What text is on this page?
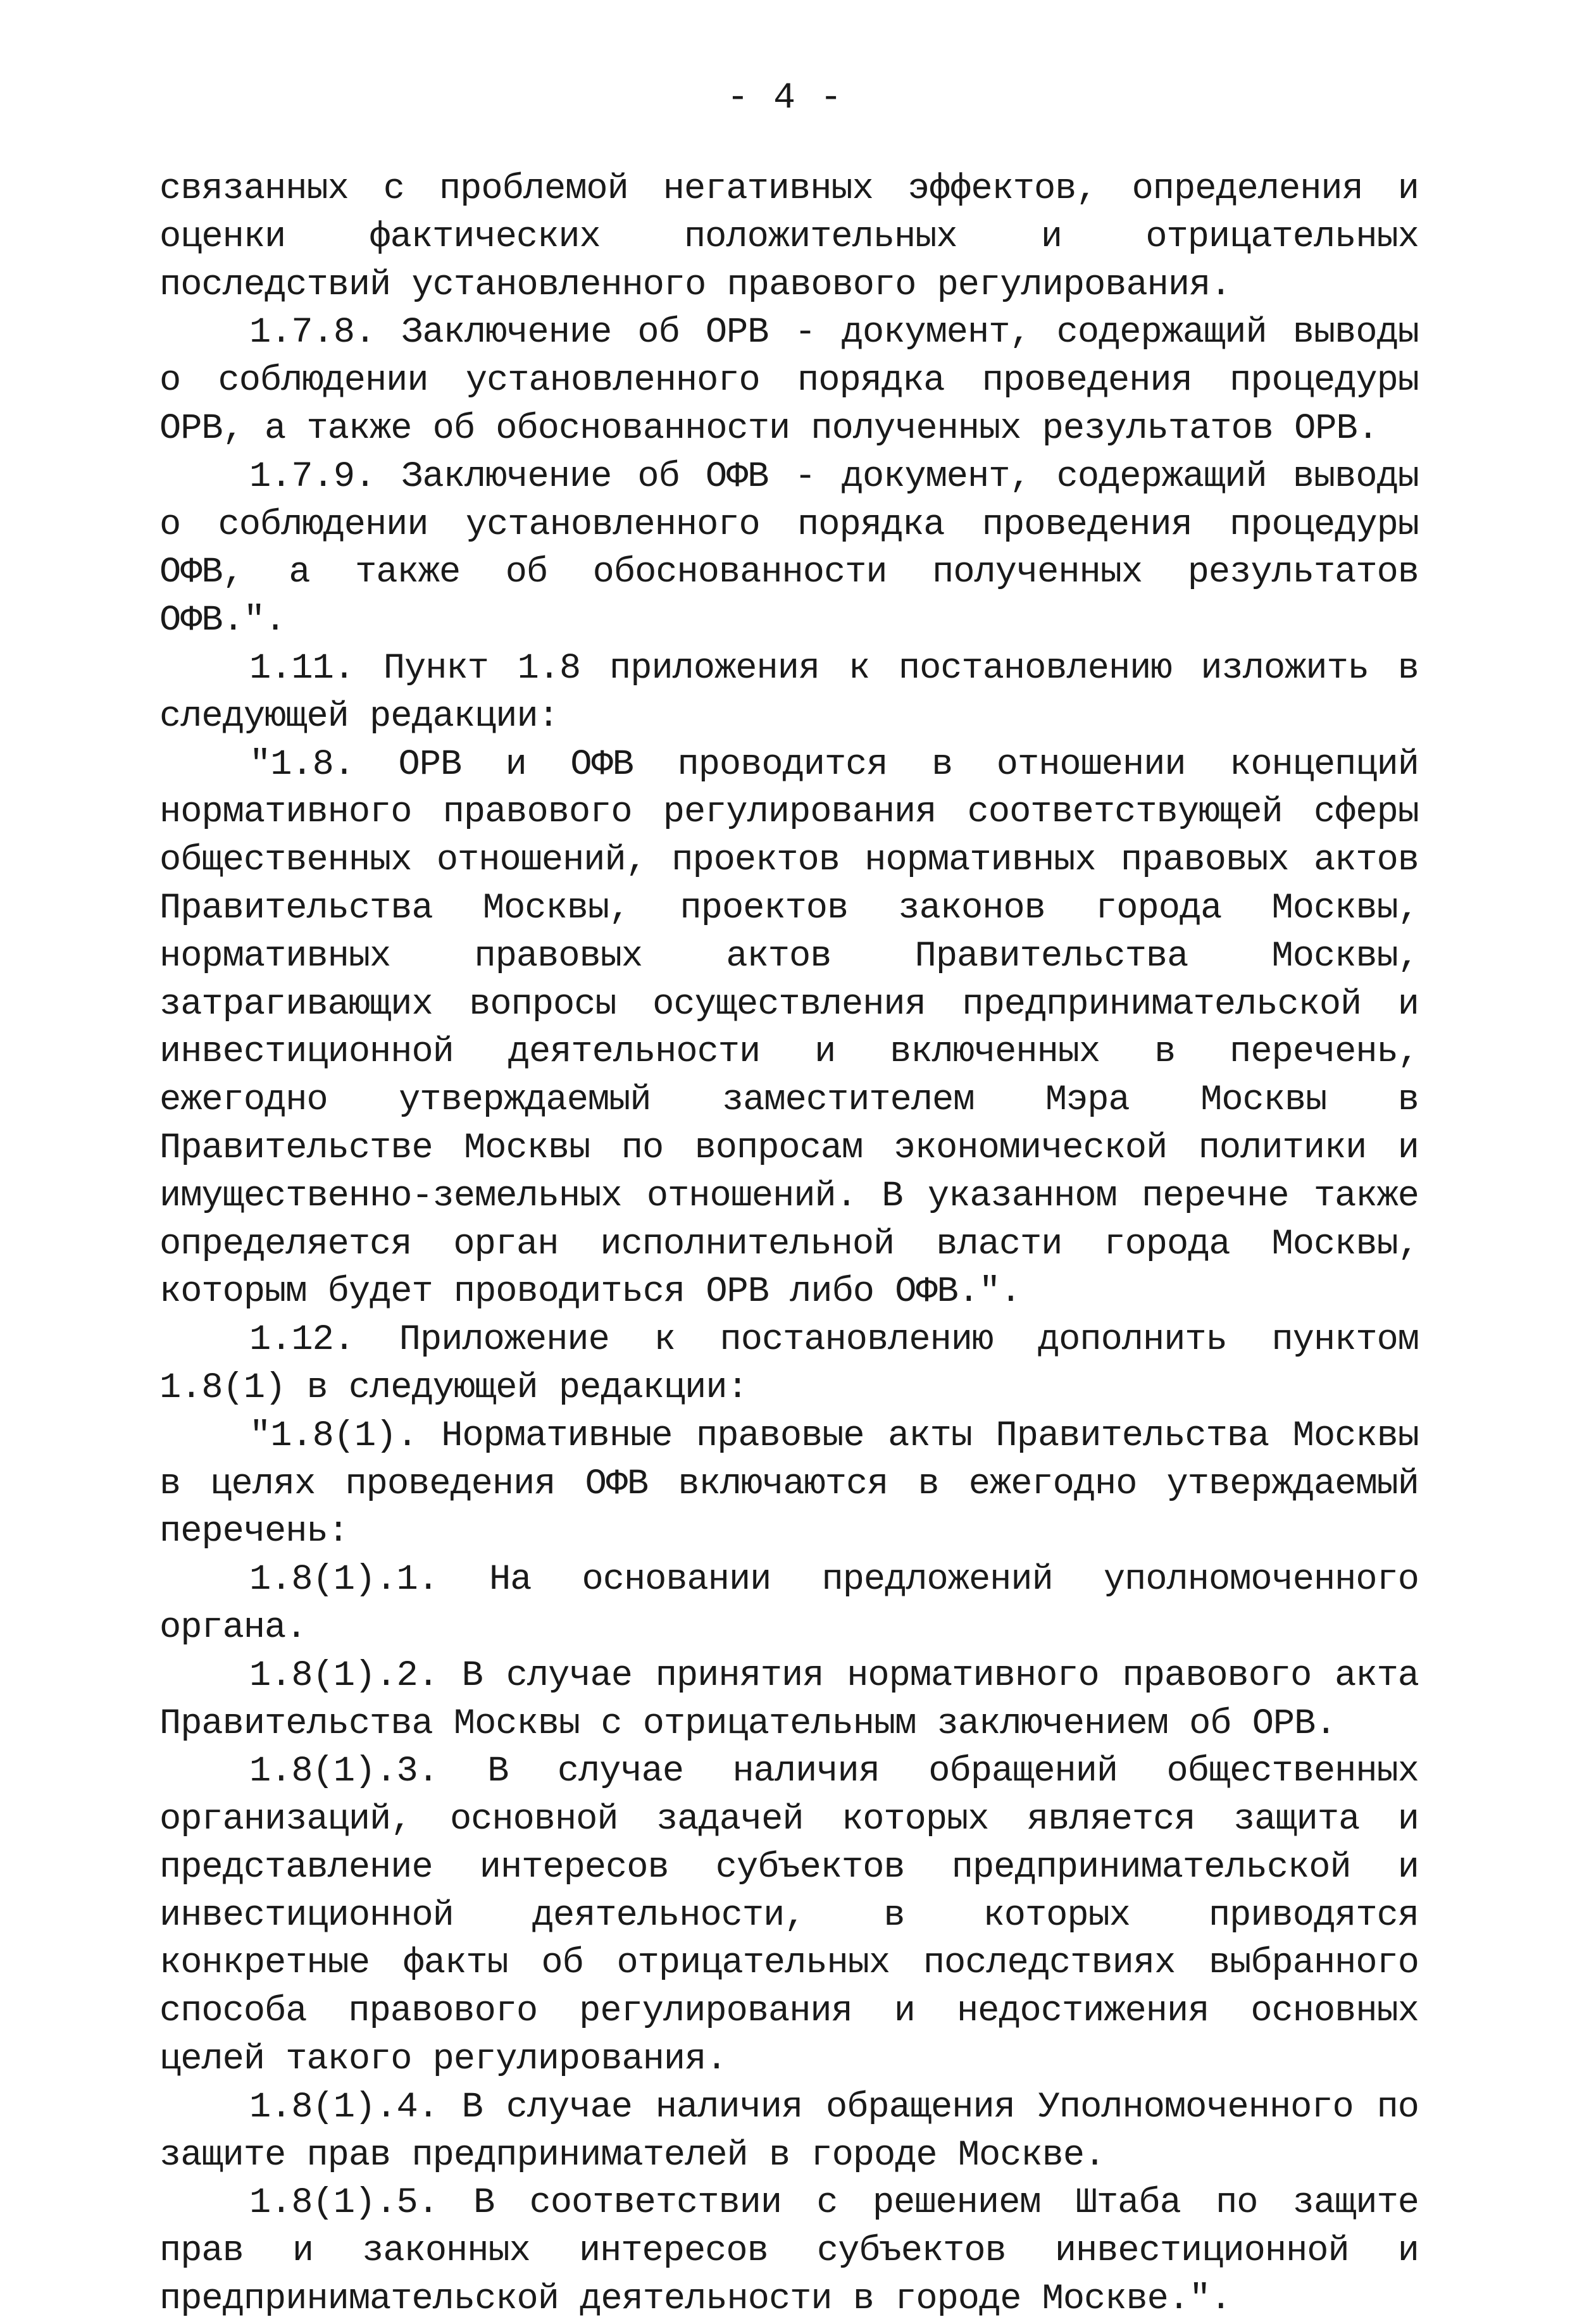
- 4 -

связанных с проблемой негативных эффектов, определения и оценки фактических положительных и отрицательных последствий установленного правового регулирования.

1.7.8. Заключение об ОРВ - документ, содержащий выводы о соблюдении установленного порядка проведения процедуры ОРВ, а также об обоснованности полученных результатов ОРВ.

1.7.9. Заключение об ОФВ - документ, содержащий выводы о соблюдении установленного порядка проведения процедуры ОФВ, а также об обоснованности полученных результатов ОФВ.".

1.11. Пункт 1.8 приложения к постановлению изложить в следующей редакции:

"1.8. ОРВ и ОФВ проводится в отношении концепций нормативного правового регулирования соответствующей сферы общественных отношений, проектов нормативных правовых актов Правительства Москвы, проектов законов города Москвы, нормативных правовых актов Правительства Москвы, затрагивающих вопросы осуществления предпринимательской и инвестиционной деятельности и включенных в перечень, ежегодно утверждаемый заместителем Мэра Москвы в Правительстве Москвы по вопросам экономической политики и имущественно-земельных отношений. В указанном перечне также определяется орган исполнительной власти города Москвы, которым будет проводиться ОРВ либо ОФВ.".

1.12. Приложение к постановлению дополнить пунктом 1.8(1) в следующей редакции:

"1.8(1). Нормативные правовые акты Правительства Москвы в целях проведения ОФВ включаются в ежегодно утверждаемый перечень:

1.8(1).1. На основании предложений уполномоченного органа.

1.8(1).2. В случае принятия нормативного правового акта Правительства Москвы с отрицательным заключением об ОРВ.

1.8(1).3. В случае наличия обращений общественных организаций, основной задачей которых является защита и представление интересов субъектов предпринимательской и инвестиционной деятельности, в которых приводятся конкретные факты об отрицательных последствиях выбранного способа правового регулирования и недостижения основных целей такого регулирования.

1.8(1).4. В случае наличия обращения Уполномоченного по защите прав предпринимателей в городе Москве.

1.8(1).5. В соответствии с решением Штаба по защите прав и законных интересов субъектов инвестиционной и предпринимательской деятельности в городе Москве.".
